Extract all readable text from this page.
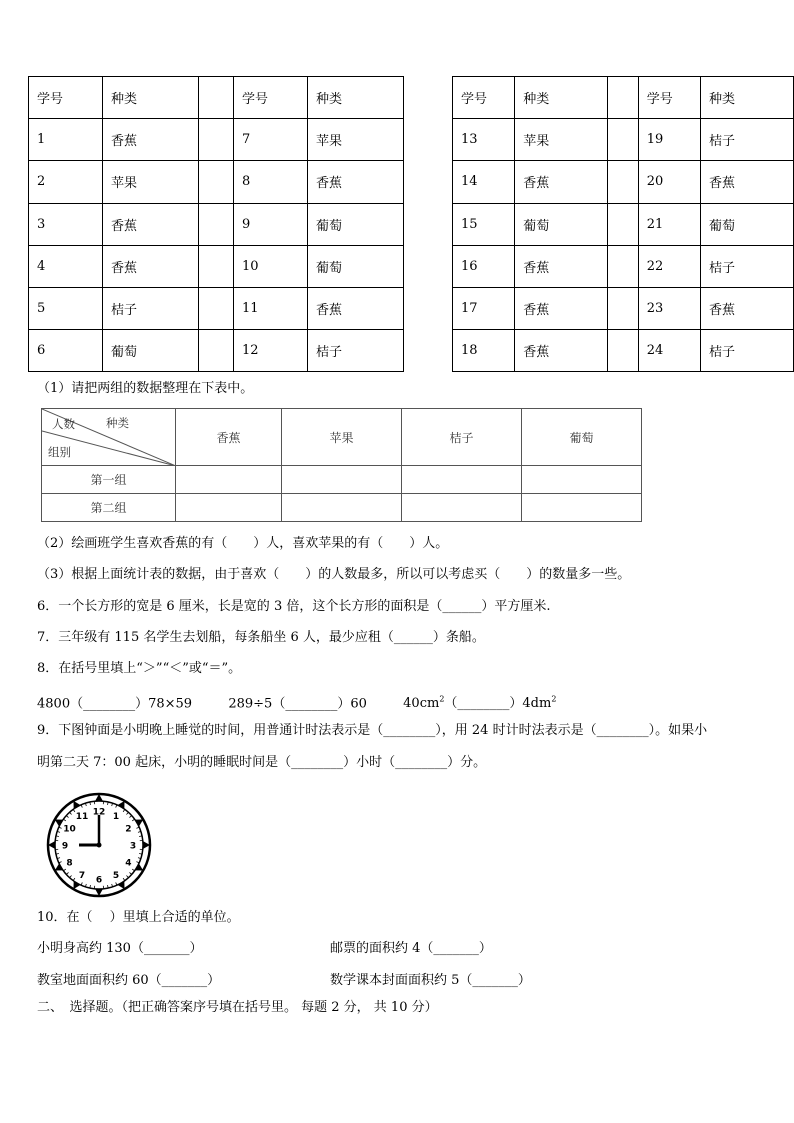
学号	种类		学号	种类
1	香蕉		7	苹果
2	苹果		8	香蕉
3	香蕉		9	葡萄
4	香蕉		10	葡萄
5	桔子		11	香蕉
6	葡萄		12	桔子
学号	种类		学号	种类
13	苹果		19	桔子
14	香蕉		20	香蕉
15	葡萄		21	葡萄
16	香蕉		22	桔子
17	香蕉		23	香蕉
18	香蕉		24	桔子
（1）请把两组的数据整理在下表中。
人数 种类
组别	香蕉	苹果	桔子	葡萄
第一组				
第二组				
（2）绘画班学生喜欢香蕉的有（　　）人，喜欢苹果的有（　　）人。
（3）根据上面统计表的数据，由于喜欢（　　）的人数最多，所以可以考虑买（　　）的数量多一些。
6．一个长方形的宽是 6 厘米，长是宽的 3 倍，这个长方形的面积是（______）平方厘米.
7．三年级有 115 名学生去划船，每条船坐 6 人，最少应租（______）条船。
8．在括号里填上“＞”“＜”或“＝”。
4800（________）78×59	289÷5（________）60	$40cm^2(\_\_\_\_\_\_\_\_)4dm^2$
9．下图钟面是小明晚上睡觉的时间，用普通计时法表示是（________），用 24 时计时法表示是（________）。如果小
明第二天 7：00 起床，小明的睡眠时间是（________）小时（________）分。
12 1
2
3
4
5
6
7
8
9
10
11
10．在（　 ）里填上合适的单位。
小明身高约 130（_______）	邮票的面积约 4（_______）
教室地面面积约 60（_______）	数学课本封面面积约 5（_______）
二、　选择题。（把正确答案序号填在括号里。 每题 2 分， 共 10 分）
